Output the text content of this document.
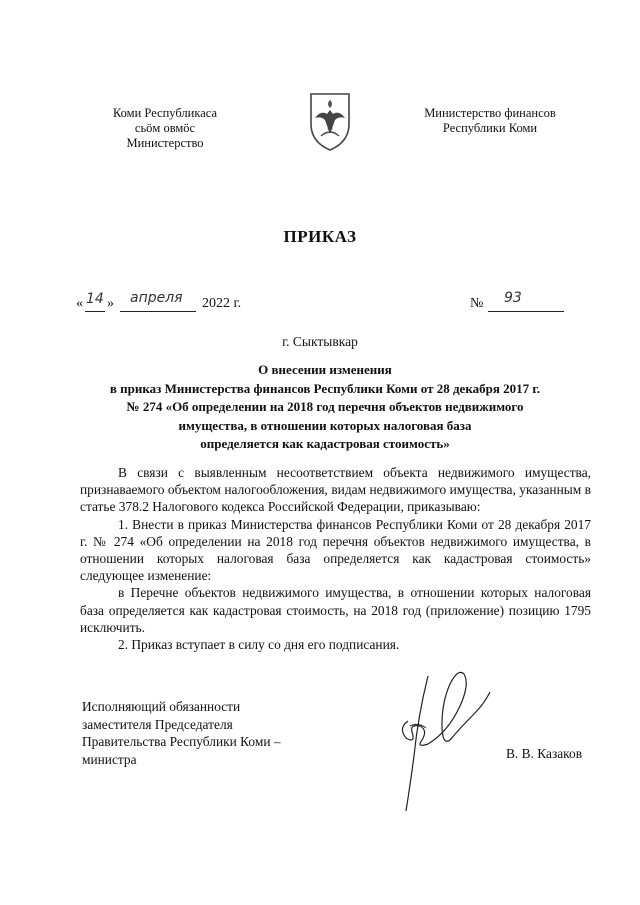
Коми Республикаса
сьӧм овмӧс
Министерство
Министерство финансов
Республики Коми
ПРИКАЗ
« 14 » апреля 2022 г.	№ 93
г. Сыктывкар
О внесении изменения
в приказ Министерства финансов Республики Коми от 28 декабря 2017 г.
№ 274 «Об определении на 2018 год перечня объектов недвижимого
имущества, в отношении которых налоговая база
определяется как кадастровая стоимость»

В связи с выявленным несоответствием объекта недвижимого имущества, признаваемого объектом налогообложения, видам недвижимого имущества, указанным в статье 378.2 Налогового кодекса Российской Федерации, приказываю:

1. Внести в приказ Министерства финансов Республики Коми от 28 декабря 2017 г. № 274 «Об определении на 2018 год перечня объектов недвижимого имущества, в отношении которых налоговая база определяется как кадастровая стоимость» следующее изменение:

в Перечне объектов недвижимого имущества, в отношении которых налоговая база определяется как кадастровая стоимость, на 2018 год (приложение) позицию 1795 исключить.

2. Приказ вступает в силу со дня его подписания.

Исполняющий обязанности
заместителя Председателя
Правительства Республики Коми –
министра	В. В. Казаков
